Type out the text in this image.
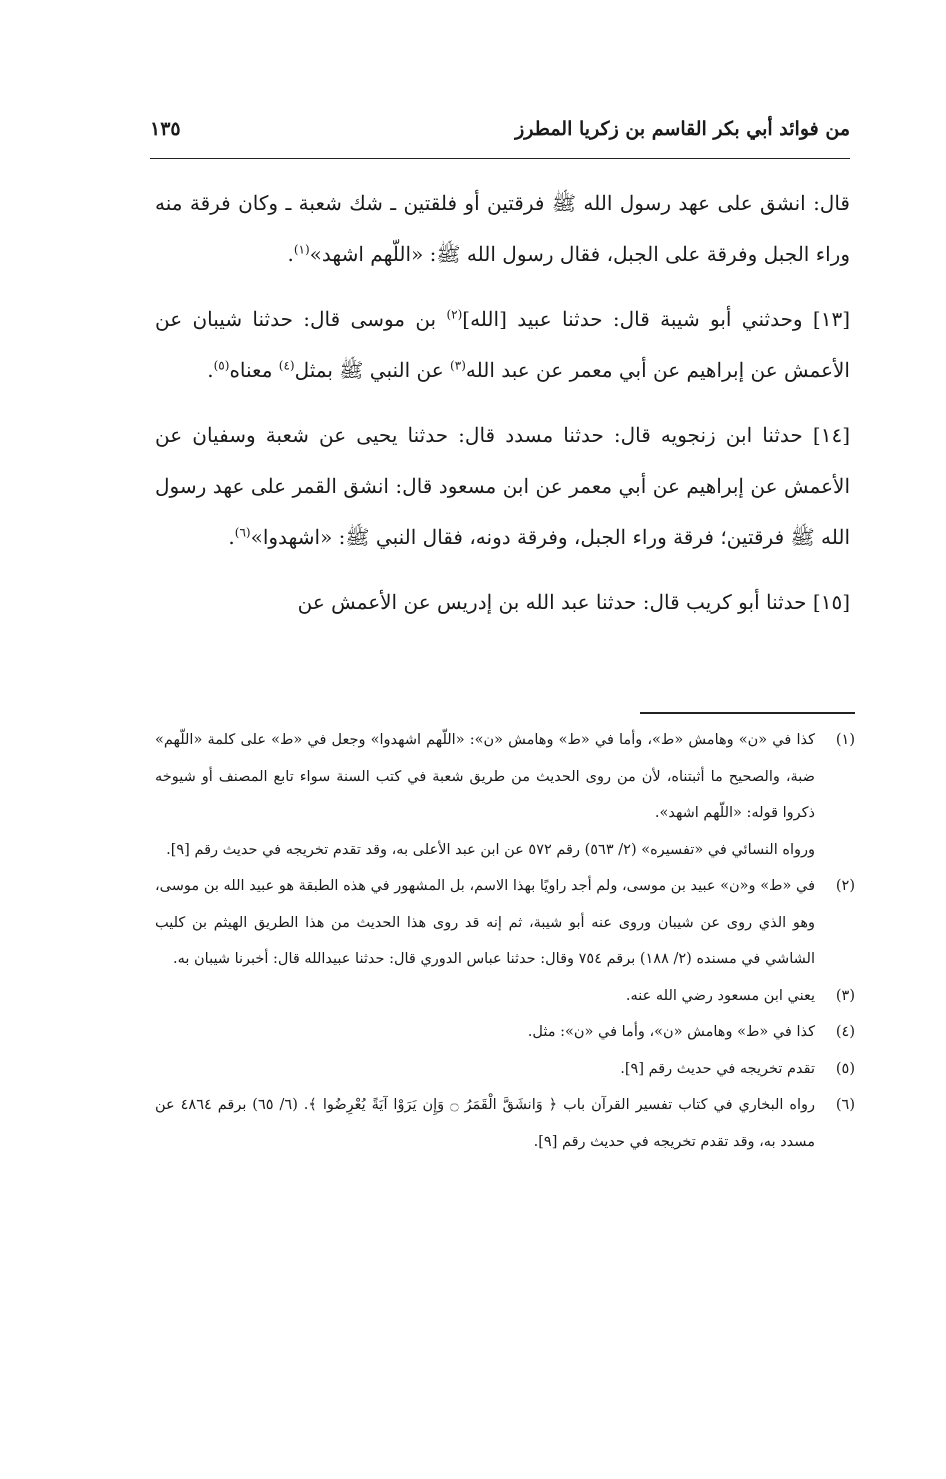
من فوائد أبي بكر القاسم بن زكريا المطرز
١٣٥

قال: انشق على عهد رسول الله ﷺ فرقتين أو فلقتين ـ شك شعبة ـ وكان فرقة منه وراء الجبل وفرقة على الجبل، فقال رسول الله ﷺ: «اللّهم اشهد»$^{(١)}$.

[١٣] وحدثني أبو شيبة قال: حدثنا عبيد [الله]$^{(٢)}$ بن موسى قال: حدثنا شيبان عن الأعمش عن إبراهيم عن أبي معمر عن عبد الله$^{(٣)}$ عن النبي ﷺ بمثل$^{(٤)}$ معناه$^{(٥)}$.

[١٤] حدثنا ابن زنجويه قال: حدثنا مسدد قال: حدثنا يحيى عن شعبة وسفيان عن الأعمش عن إبراهيم عن أبي معمر عن ابن مسعود قال: انشق القمر على عهد رسول الله ﷺ فرقتين؛ فرقة وراء الجبل، وفرقة دونه، فقال النبي ﷺ: «اشهدوا»$^{(٦)}$.

[١٥] حدثنا أبو كريب قال: حدثنا عبد الله بن إدريس عن الأعمش عن

(١)
كذا في «ن» وهامش «ط»، وأما في «ط» وهامش «ن»: «اللّهم اشهدوا» وجعل في «ط» على كلمة «اللّهم» ضبة، والصحيح ما أثبتناه، لأن من روى الحديث من طريق شعبة في كتب السنة سواء تابع المصنف أو شيوخه ذكروا قوله: «اللّهم اشهد».
ورواه النسائي في «تفسيره» (٢/ ٥٦٣) رقم ٥٧٢ عن ابن عبد الأعلى به، وقد تقدم تخريجه في حديث رقم [٩].
(٢)
في «ط» و«ن» عبيد بن موسى، ولم أجد راويًا بهذا الاسم، بل المشهور في هذه الطبقة هو عبيد الله بن موسى، وهو الذي روى عن شيبان وروى عنه أبو شيبة، ثم إنه قد روى هذا الحديث من هذا الطريق الهيثم بن كليب الشاشي في مسنده (٢/ ١٨٨) برقم ٧٥٤ وقال: حدثنا عباس الدوري قال: حدثنا عبيدالله قال: أخبرنا شيبان به.
(٣)
يعني ابن مسعود رضي الله عنه.
(٤)
كذا في «ط» وهامش «ن»، وأما في «ن»: مثل.
(٥)
تقدم تخريجه في حديث رقم [٩].
(٦)
رواه البخاري في كتاب تفسير القرآن باب ﴿ وَانشَقَّ الْقَمَرُ ۝ وَإِن يَرَوْا آيَةً يُعْرِضُوا ﴾. (٦/ ٦٥) برقم ٤٨٦٤ عن مسدد به، وقد تقدم تخريجه في حديث رقم [٩].
